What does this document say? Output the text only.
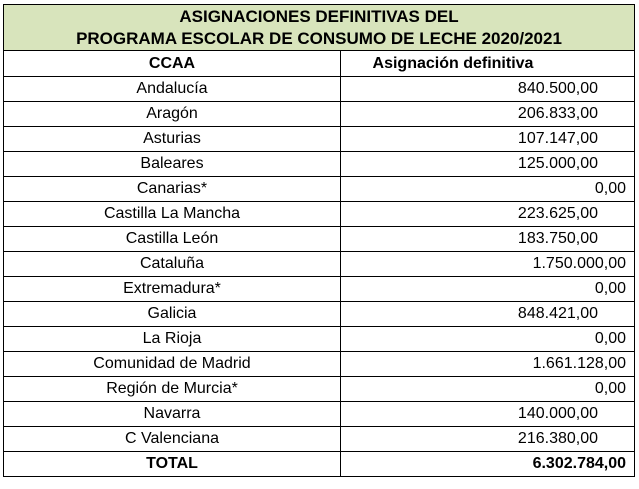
ASIGNACIONES DEFINITIVAS DEL
PROGRAMA ESCOLAR DE CONSUMO DE LECHE 2020/2021	

CCAA	Asignación definitiva
Andalucía	840.500,00
Aragón	206.833,00
Asturias	107.147,00
Baleares	125.000,00
Canarias*	0,00
Castilla La Mancha	223.625,00
Castilla León	183.750,00
Cataluña	1.750.000,00
Extremadura*	0,00
Galicia	848.421,00
La Rioja	0,00
Comunidad de Madrid	1.661.128,00
Región de Murcia*	0,00
Navarra	140.000,00
C Valenciana	216.380,00
TOTAL	6.302.784,00
